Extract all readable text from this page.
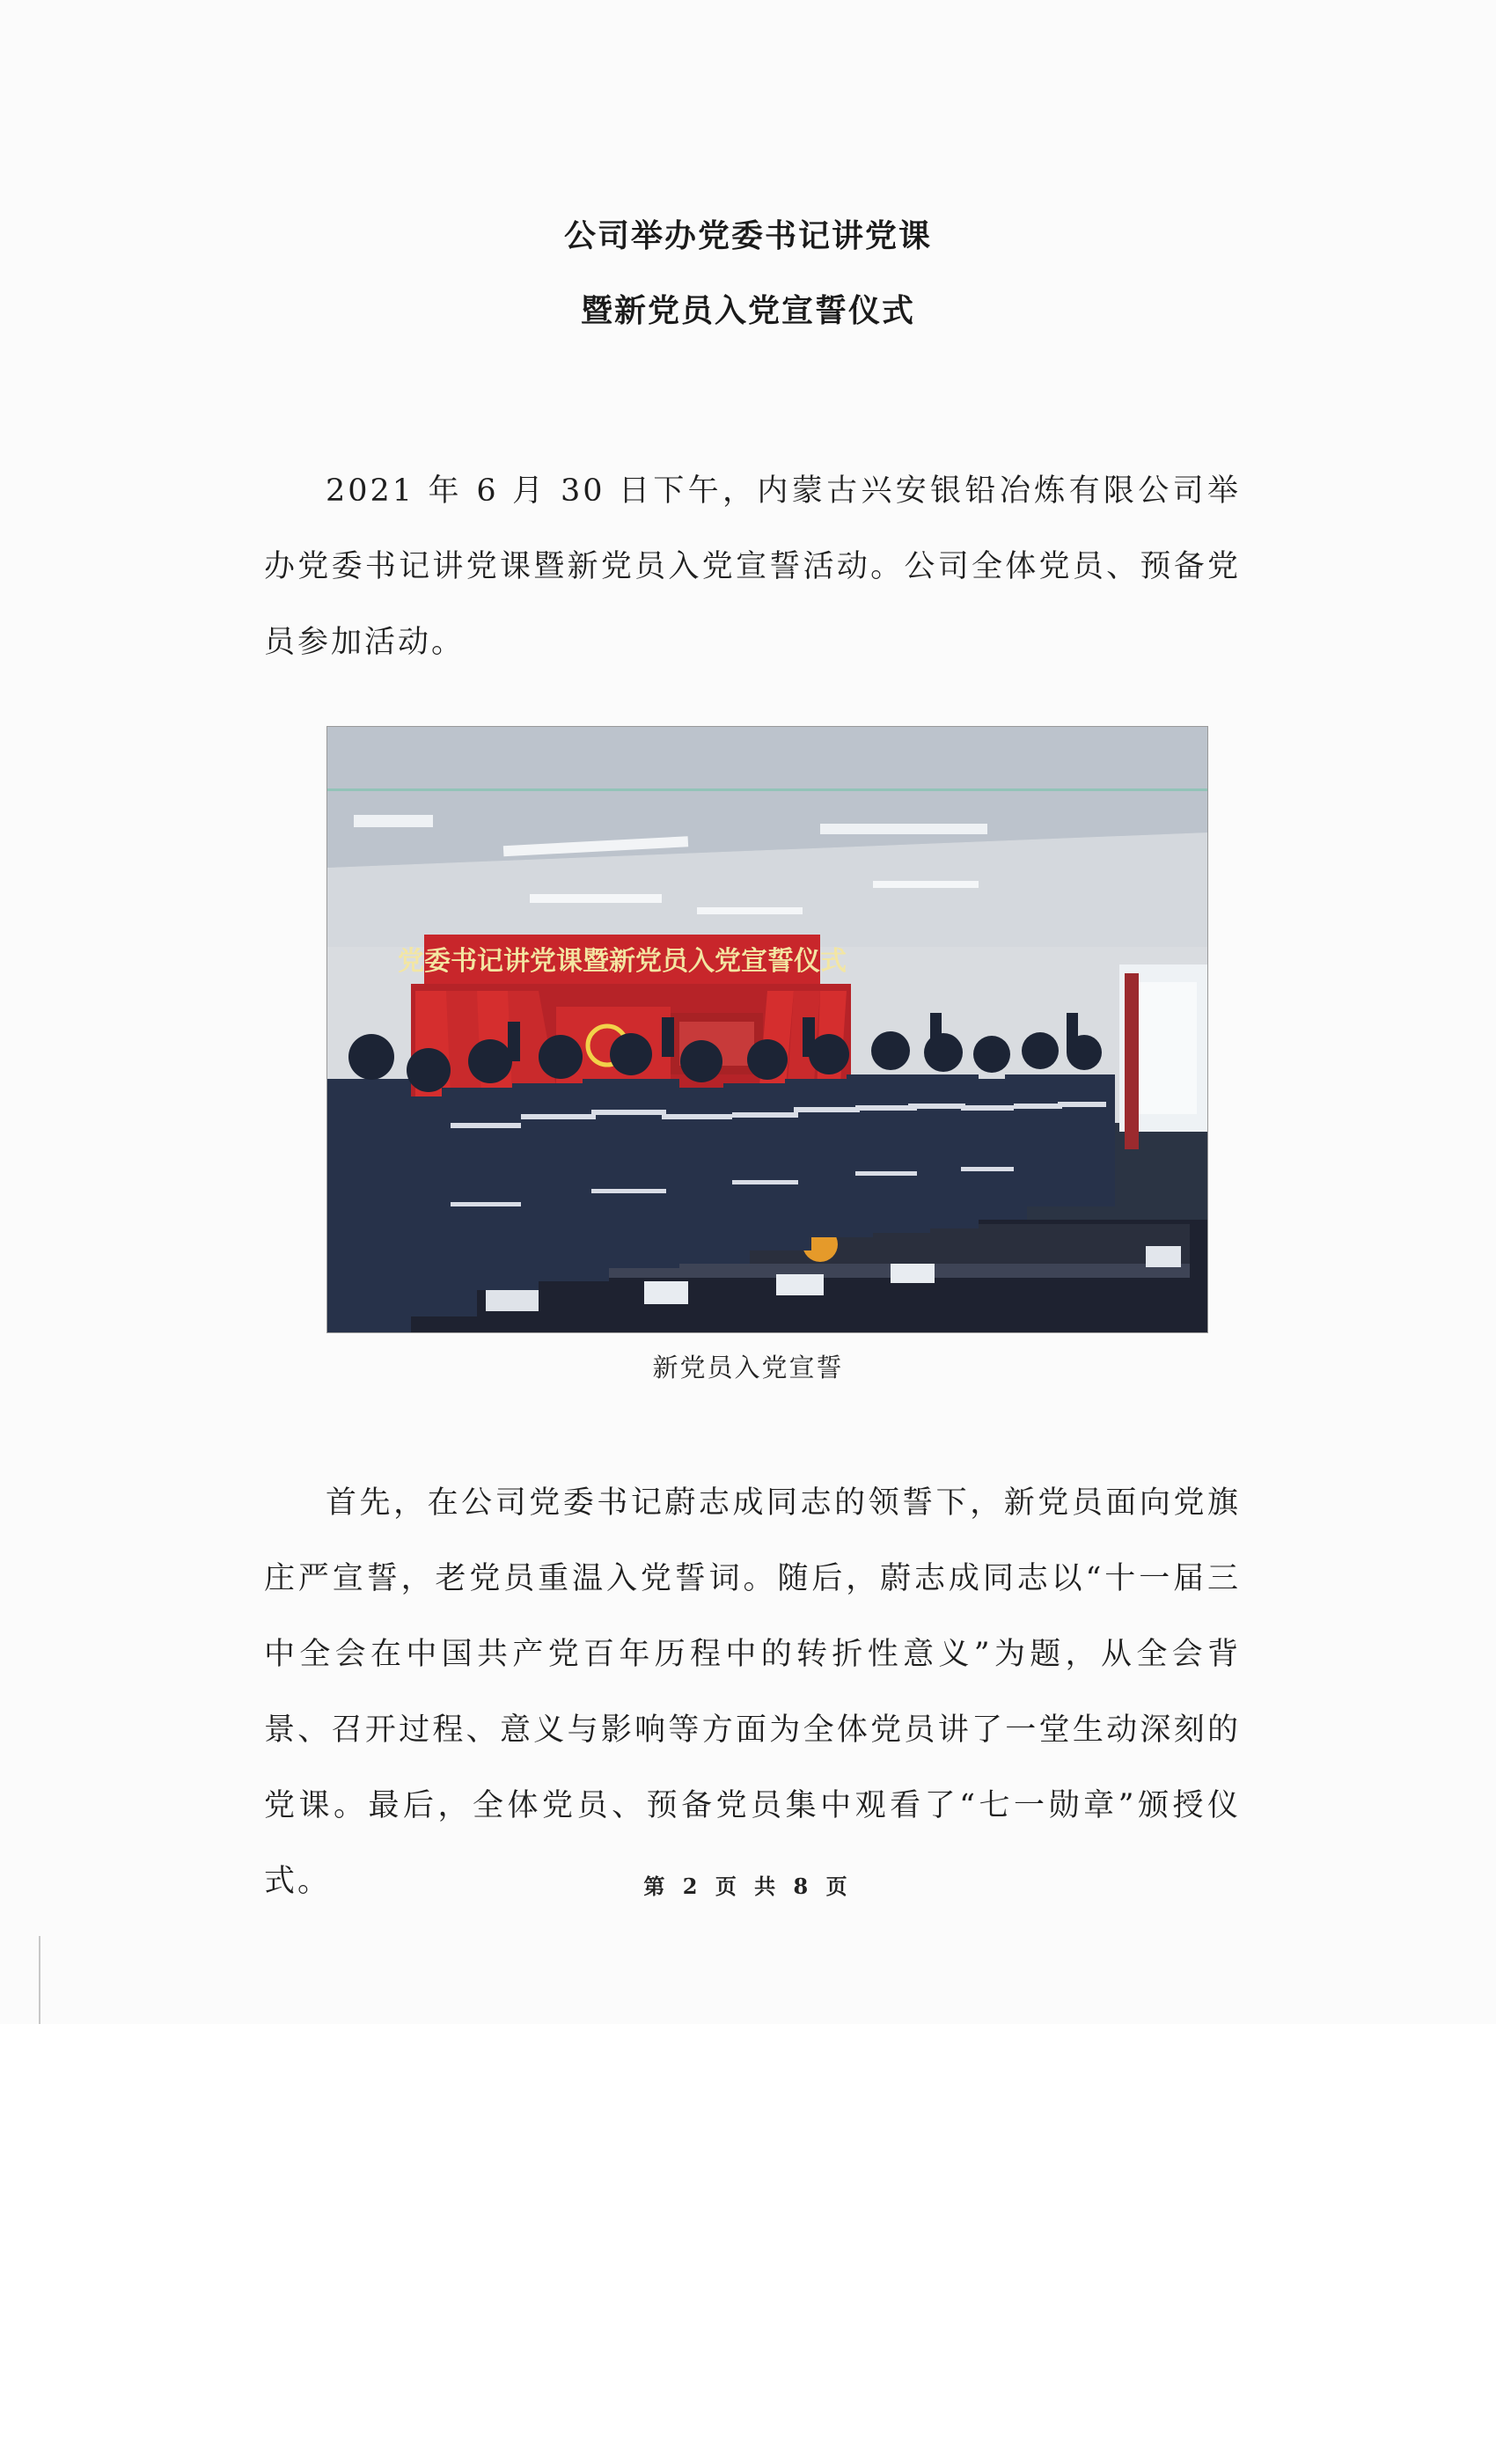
公司举办党委书记讲党课
暨新党员入党宣誓仪式

2021 年 6 月 30 日下午，内蒙古兴安银铅冶炼有限公司举办党委书记讲党课暨新党员入党宣誓活动。公司全体党员、预备党员参加活动。

党委书记讲党课暨新党员入党宣誓仪式
新党员入党宣誓

首先，在公司党委书记蔚志成同志的领誓下，新党员面向党旗庄严宣誓，老党员重温入党誓词。随后，蔚志成同志以“十一届三中全会在中国共产党百年历程中的转折性意义”为题，从全会背景、召开过程、意义与影响等方面为全体党员讲了一堂生动深刻的党课。最后，全体党员、预备党员集中观看了“七一勋章”颁授仪式。	第 2 页 共 8 页
